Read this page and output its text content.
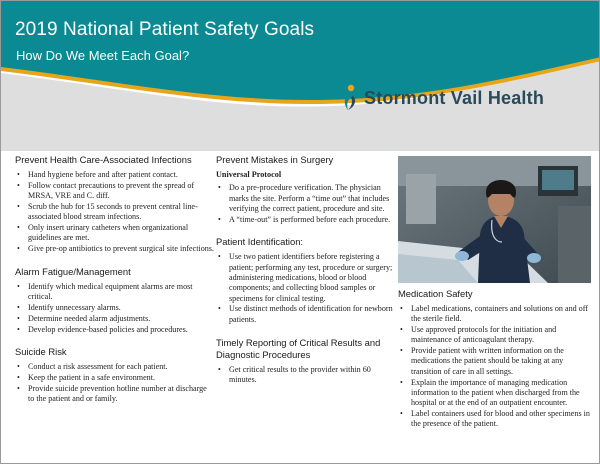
2019 National Patient Safety Goals
How Do We Meet Each Goal?
Stormont Vail Health
Prevent Health Care-Associated Infections
• Hand hygiene before and after patient contact.
• Follow contact precautions to prevent the spread of MRSA, VRE and C. diff.
• Scrub the hub for 15 seconds to prevent central line-associated blood stream infections.
• Only insert urinary catheters when organizational guidelines are met.
• Give pre-op antibiotics to prevent surgical site infections.
Alarm Fatigue/Management
• Identify which medical equipment alarms are most critical.
• Identify unnecessary alarms.
• Determine needed alarm adjustments.
• Develop evidence-based policies and procedures.
Suicide Risk
• Conduct a risk assessment for each patient.
• Keep the patient in a safe environment.
• Provide suicide prevention hotline number at discharge to the patient and or family.
Prevent Mistakes in Surgery
Universal Protocol
• Do a pre-procedure verification. The physician marks the site. Perform a “time out” that includes verifying the correct patient, procedure and site.
• A “time-out” is performed before each procedure.
Patient Identification:
• Use two patient identifiers before registering a patient; performing any test, procedure or surgery; administering medications, blood or blood components; and collecting blood samples or specimens for clinical testing.
• Use distinct methods of identification for newborn patients.
Timely Reporting of Critical Results and Diagnostic Procedures
• Get critical results to the provider within 60 minutes.
Medication Safety
• Label medications, containers and solutions on and off the sterile field.
• Use approved protocols for the initiation and maintenance of anticoagulant therapy.
• Provide patient with written information on the medications the patient should be taking at any transition of care in all settings.
• Explain the importance of managing medication information to the patient when discharged from the hospital or at the end of an outpatient encounter.
• Label containers used for blood and other specimens in the presence of the patient.
